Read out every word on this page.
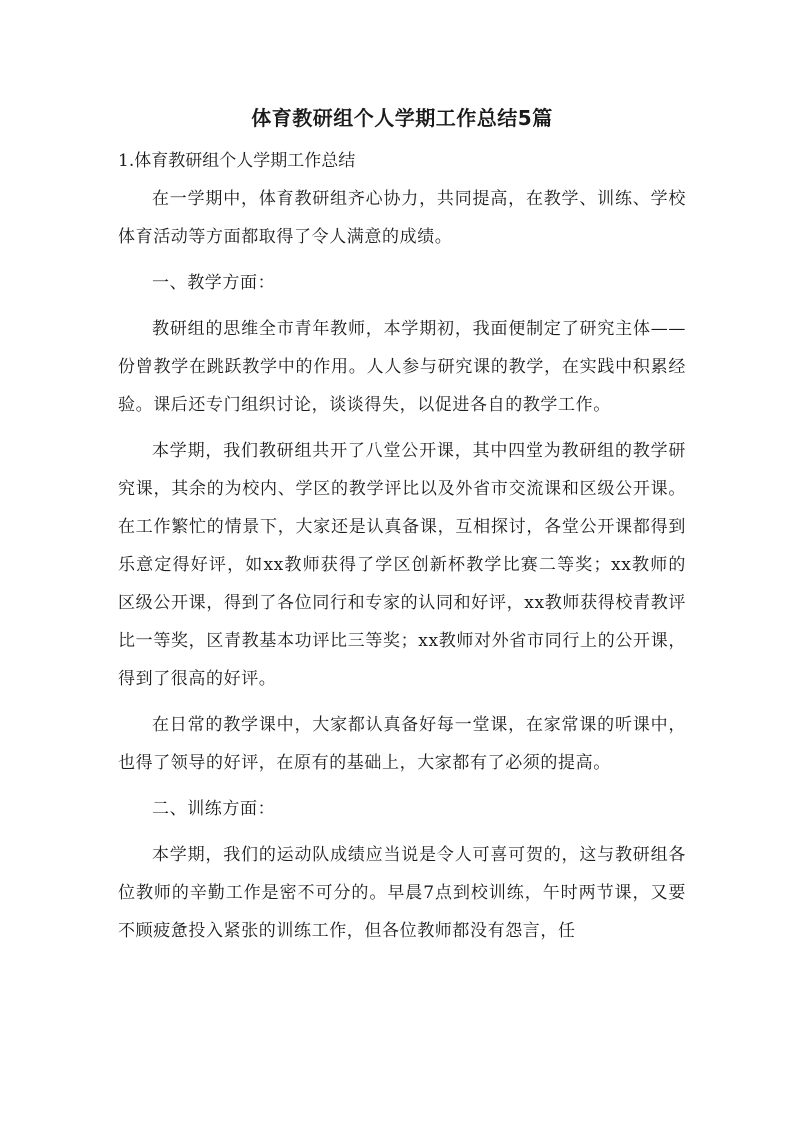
体育教研组个人学期工作总结5篇

1.体育教研组个人学期工作总结

在一学期中，体育教研组齐心协力，共同提高，在教学、训练、学校体育活动等方面都取得了令人满意的成绩。

一、教学方面：

教研组的思维全市青年教师，本学期初，我面便制定了研究主体——份曾教学在跳跃教学中的作用。人人参与研究课的教学，在实践中积累经验。课后还专门组织讨论，谈谈得失，以促进各自的教学工作。

本学期，我们教研组共开了八堂公开课，其中四堂为教研组的教学研究课，其余的为校内、学区的教学评比以及外省市交流课和区级公开课。在工作繁忙的情景下，大家还是认真备课，互相探讨，各堂公开课都得到乐意定得好评，如xx教师获得了学区创新杯教学比赛二等奖；xx教师的区级公开课，得到了各位同行和专家的认同和好评，xx教师获得校青教评比一等奖，区青教基本功评比三等奖；xx教师对外省市同行上的公开课，得到了很高的好评。

在日常的教学课中，大家都认真备好每一堂课，在家常课的听课中，也得了领导的好评，在原有的基础上，大家都有了必须的提高。

二、训练方面：

本学期，我们的运动队成绩应当说是令人可喜可贺的，这与教研组各位教师的辛勤工作是密不可分的。早晨7点到校训练，午时两节课，又要不顾疲惫投入紧张的训练工作，但各位教师都没有怨言，任
